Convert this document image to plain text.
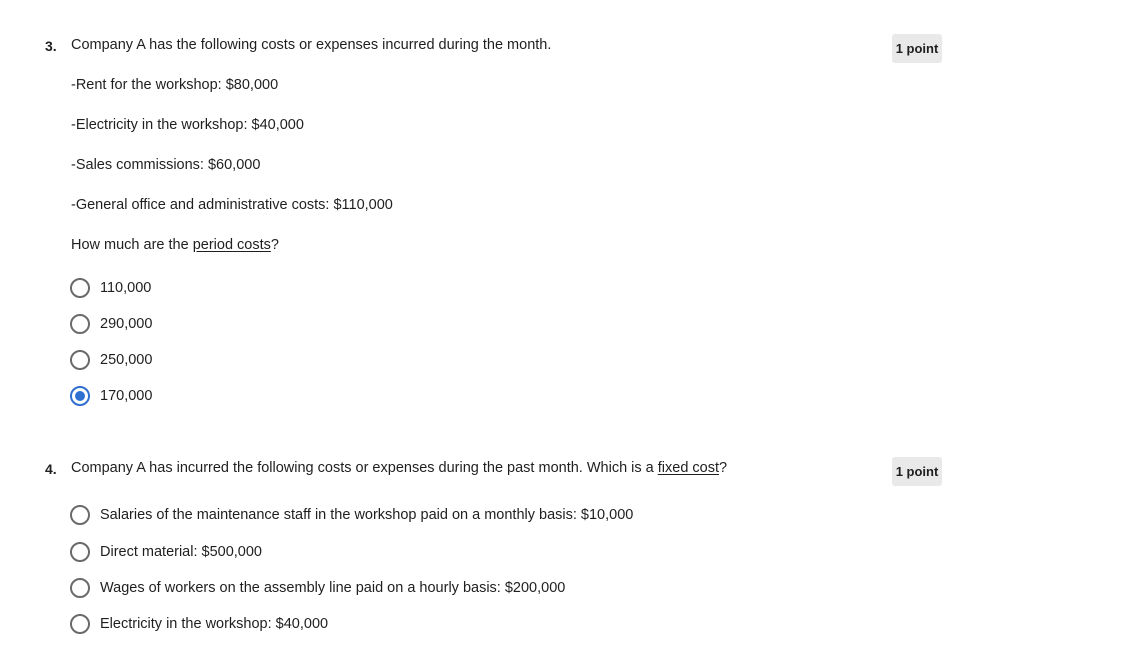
3. Company A has the following costs or expenses incurred during the month.	1 point
-Rent for the workshop: $80,000
-Electricity in the workshop: $40,000
-Sales commissions: $60,000
-General office and administrative costs: $110,000
How much are the period costs?
110,000
290,000
250,000
170,000
4. Company A has incurred the following costs or expenses during the past month. Which is a fixed cost?	1 point
Salaries of the maintenance staff in the workshop paid on a monthly basis: $10,000
Direct material: $500,000
Wages of workers on the assembly line paid on a hourly basis: $200,000
Electricity in the workshop: $40,000
